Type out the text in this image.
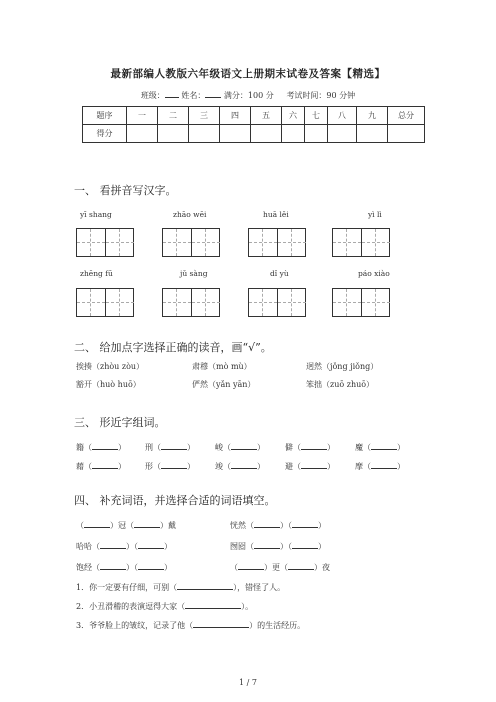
最新部编人教版六年级语文上册期末试卷及答案【精选】
班级： 姓名： 满分：100 分 考试时间：90 分钟
题序	一	二	三	四	五	六	七	八	九	总分
得分										
一、 看拼音写汉字。
yī shang	zhāo wēi	huā lěi	yì lì
zhēng fū	jǔ sàng	dǐ yù	páo xiào
二、 给加点字选择正确的读音，画“√”。
挨揍（zhòu zòu）	肃穆（mò mù）	迥然（jǒng jiǒng）
豁开（huò huō）	俨然（yǎn yān）	笨拙（zuō zhuō）
三、 形近字组词。
籍（	） 刑（	）	峻（	）	僻（	）	魔（	）
藉（	） 形（	）	竣（	）	避（	）	摩（	）
四、 补充词语，并选择合适的词语填空。
（	）冠（	）戴	恍然（	）（	）
哈哈（	）（	）	囫囵（	）（	）
饱经（	）（	）	（	）更（	）夜
1．你一定要有仔细，可别（	），错怪了人。
2．小丑滑稽的表演逗得大家（	）。
3．爷爷脸上的皱纹，记录了他（	）的生活经历。
1 / 7
